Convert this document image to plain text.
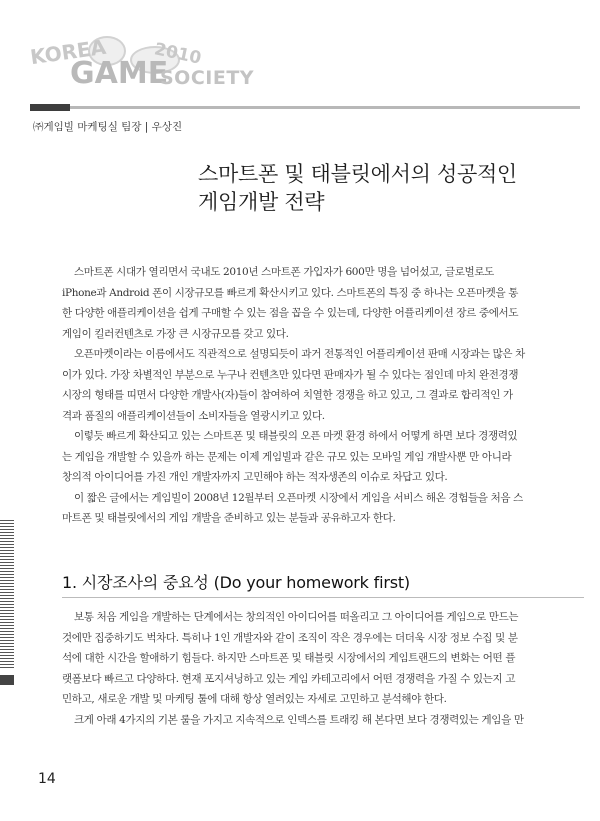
KOREA
GAME
2010
SOCIETY
㈜게임빌 마케팅실 팀장 | 우상진
스마트폰 및 태블릿에서의 성공적인
게임개발 전략
스마트폰 시대가 열리면서 국내도 2010년 스마트폰 가입자가 600만 명을 넘어섰고, 글로벌로도
iPhone과 Android 폰이 시장규모를 빠르게 확산시키고 있다. 스마트폰의 특징 중 하나는 오픈마켓을 통
한 다양한 애플리케이션을 쉽게 구매할 수 있는 점을 꼽을 수 있는데, 다양한 어플리케이션 장르 중에서도
게임이 킬러컨텐츠로 가장 큰 시장규모를 갖고 있다.
오픈마켓이라는 이름에서도 직관적으로 설명되듯이 과거 전통적인 어플리케이션 판매 시장과는 많은 차
이가 있다. 가장 차별적인 부분으로 누구나 컨텐츠만 있다면 판매자가 될 수 있다는 점인데 마치 완전경쟁
시장의 형태를 띠면서 다양한 개발사(자)들이 참여하여 치열한 경쟁을 하고 있고, 그 결과로 합리적인 가
격과 품질의 애플리케이션들이 소비자들을 열광시키고 있다.
이렇듯 빠르게 확산되고 있는 스마트폰 및 태블릿의 오픈 마켓 환경 하에서 어떻게 하면 보다 경쟁력있
는 게임을 개발할 수 있을까 하는 문제는 이제 게임빌과 같은 규모 있는 모바일 게임 개발사뿐 만 아니라
창의적 아이디어를 가진 개인 개발자까지 고민해야 하는 적자생존의 이슈로 차답고 있다.
이 짧은 글에서는 게임빌이 2008년 12월부터 오픈마켓 시장에서 게임을 서비스 해온 경험들을 처음 스
마트폰 및 태블릿에서의 게임 개발을 준비하고 있는 분들과 공유하고자 한다.
1. 시장조사의 중요성 (Do your homework first)
보통 처음 게임을 개발하는 단계에서는 창의적인 아이디어를 떠올리고 그 아이디어를 게임으로 만드는
것에만 집중하기도 벅차다. 특히나 1인 개발자와 같이 조직이 작은 경우에는 더더욱 시장 정보 수집 및 분
석에 대한 시간을 할애하기 힘들다. 하지만 스마트폰 및 태블릿 시장에서의 게임트랜드의 변화는 어떤 플
랫폼보다 빠르고 다양하다. 현재 포지셔닝하고 있는 게임 카테고리에서 어떤 경쟁력을 가질 수 있는지 고
민하고, 새로운 개발 및 마케팅 툴에 대해 항상 열려있는 자세로 고민하고 분석해야 한다.
크게 아래 4가지의 기본 룰을 가지고 지속적으로 인덱스를 트래킹 해 본다면 보다 경쟁력있는 게임을 만
14
